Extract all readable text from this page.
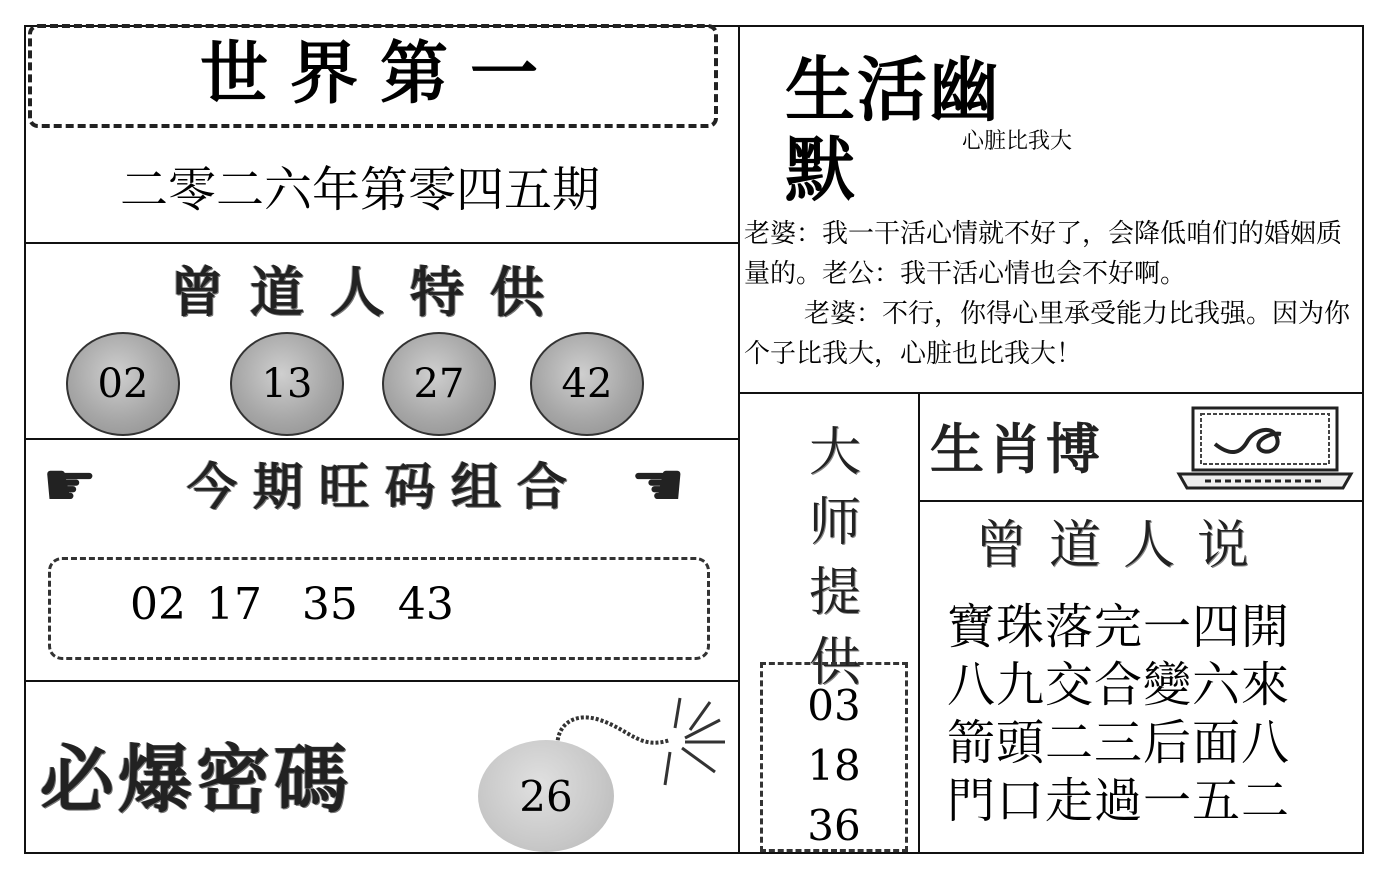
世界第一
二零二六年第零四五期
曾道人特供
02	13	27	42
☛	☛
今期旺码组合
02 17  35  43
必爆密碼	26
生活幽默	心脏比我大

老婆：我一干活心情就不好了，会降低咱们的婚姻质量的。老公：我干活心情也会不好啊。

老婆：不行，你得心里承受能力比我强。因为你个子比我大，心脏也比我大！

大
师
提
供
03
18
36
生肖博
曾道人说
寶珠落完一四開
八九交合變六來
箭頭二三后面八
門口走過一五二
